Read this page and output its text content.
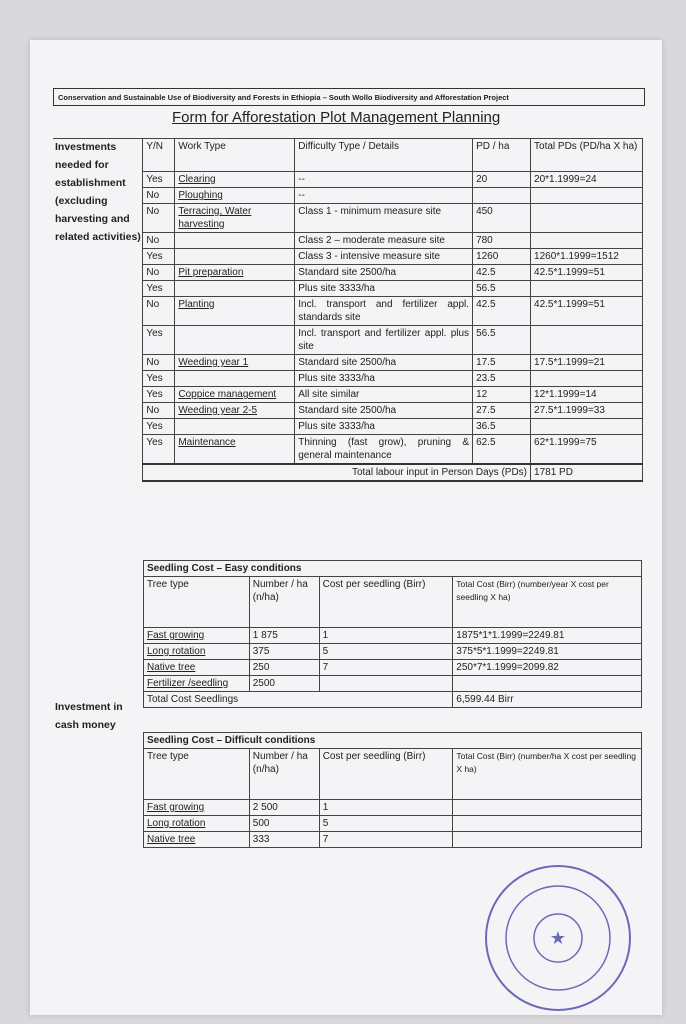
Conservation and Sustainable Use of Biodiversity and Forests in Ethiopia – South Wollo Biodiversity and Afforestation Project
Form for Afforestation Plot Management Planning
Investments needed for establishment (excluding harvesting and related activities)
Investment in cash money
	Y/N	Work Type	Difficulty Type / Details	PD / ha	Total PDs (PD/ha X ha)
	Yes	Clearing	--	20	20*1.1999=24
	No	Ploughing	--		
	No	Terracing, Water harvesting	Class 1 - minimum measure site	450	
	No		Class 2 – moderate measure site	780	
	Yes		Class 3 - intensive measure site	1260	1260*1.1999=1512
	No	Pit preparation	Standard site 2500/ha	42.5	42.5*1.1999=51
	Yes		Plus site 3333/ha	56.5	
	No	Planting	Incl. transport and fertilizer appl. standards site	42.5	42.5*1.1999=51
	Yes		Incl. transport and fertilizer appl. plus site	56.5	
	No	Weeding year 1	Standard site 2500/ha	17.5	17.5*1.1999=21
	Yes		Plus site 3333/ha	23.5	
	Yes	Coppice management	All site similar	12	12*1.1999=14
	No	Weeding year 2-5	Standard site 2500/ha	27.5	27.5*1.1999=33
	Yes		Plus site 3333/ha	36.5	
	Yes	Maintenance	Thinning (fast grow), pruning & general maintenance	62.5	62*1.1999=75
	Total labour input in Person Days (PDs)				1781 PD
Seedling Cost – Easy conditions			
Tree type	Number / ha (n/ha)	Cost per seedling (Birr)	Total Cost (Birr) (number/year X cost per seedling X ha)
Fast growing	1 875	1	1875*1*1.1999=2249.81
Long rotation	375	5	375*5*1.1999=2249.81
Native tree	250	7	250*7*1.1999=2099.82
Fertilizer /seedling	2500		
Total Cost Seedlings			6,599.44 Birr
Seedling Cost – Difficult conditions			
Tree type	Number / ha (n/ha)	Cost per seedling (Birr)	Total Cost (Birr) (number/ha X cost per seedling X ha)
Fast growing	2 500	1	
Long rotation	500	5	
Native tree	333	7	
★
